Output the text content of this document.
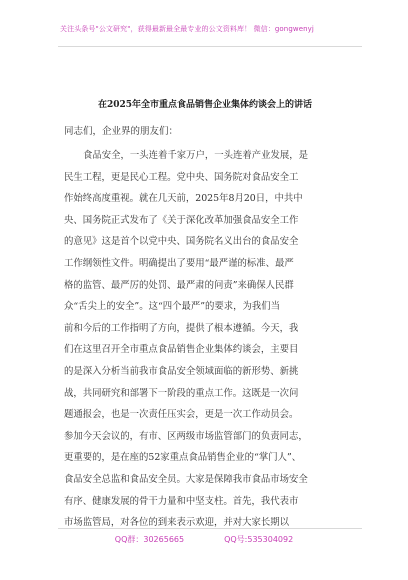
关注头条号"公文研究"，获得最新最全最专业的公文资料库！ 微信：gongwenyj
在2025年全市重点食品销售企业集体约谈会上的讲话
同志们，企业界的朋友们：
食品安全，一头连着千家万户，一头连着产业发展，是
民生工程，更是民心工程。党中央、国务院对食品安全工
作始终高度重视。就在几天前，2025年8月20日，中共中
央、国务院正式发布了《关于深化改革加强食品安全工作
的意见》这是首个以党中央、国务院名义出台的食品安全
工作纲领性文件。明确提出了要用“最严谨的标准、最严
格的监管、最严厉的处罚、最严肃的问责”来确保人民群
众“舌尖上的安全”。这“四个最严”的要求，为我们当
前和今后的工作指明了方向，提供了根本遵循。今天，我
们在这里召开全市重点食品销售企业集体约谈会，主要目
的是深入分析当前我市食品安全领域面临的新形势、新挑
战，共同研究和部署下一阶段的重点工作。这既是一次问
题通报会，也是一次责任压实会，更是一次工作动员会。
参加今天会议的，有市、区两级市场监管部门的负责同志，
更重要的，是在座的52家重点食品销售企业的“掌门人”、
食品安全总监和食品安全员。大家是保障我市食品市场安全
有序、健康发展的骨干力量和中坚支柱。首先，我代表市
市场监管局，对各位的到来表示欢迎，并对大家长期以
QQ群：30265665	QQ号:535304092
